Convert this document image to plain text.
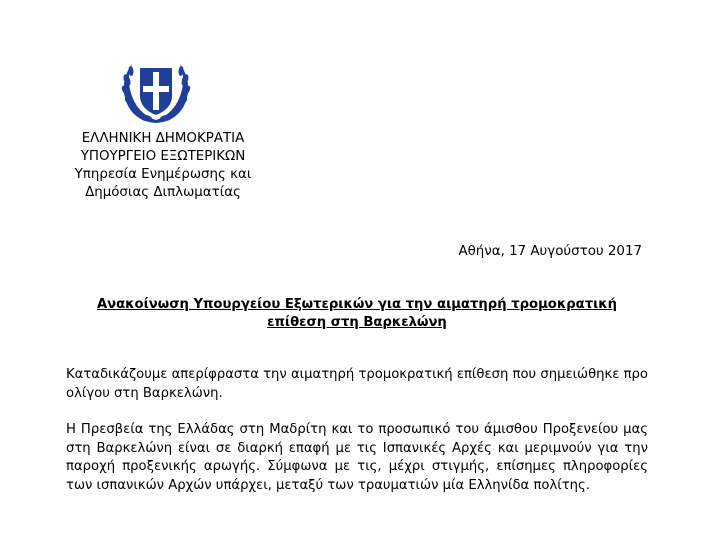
ΕΛΛΗΝΙΚΗ ΔΗΜΟΚΡΑΤΙΑ
ΥΠΟΥΡΓΕΙΟ ΕΞΩΤΕΡΙΚΩΝ
Υπηρεσία Ενημέρωσης και
Δημόσιας Διπλωματίας
Αθήνα, 17 Αυγούστου 2017
Ανακοίνωση Υπουργείου Εξωτερικών για την αιματηρή τρομοκρατική επίθεση στη Βαρκελώνη
Καταδικάζουμε απερίφραστα την αιματηρή τρομοκρατική επίθεση που σημειώθηκε προ ολίγου στη Βαρκελώνη.
Η Πρεσβεία της Ελλάδας στη Μαδρίτη και το προσωπικό του άμισθου Προξενείου μας στη Βαρκελώνη είναι σε διαρκή επαφή με τις Ισπανικές Αρχές και μεριμνούν για την παροχή προξενικής αρωγής. Σύμφωνα με τις, μέχρι στιγμής, επίσημες πληροφορίες των ισπανικών Αρχών υπάρχει, μεταξύ των τραυματιών μία Ελληνίδα πολίτης.
